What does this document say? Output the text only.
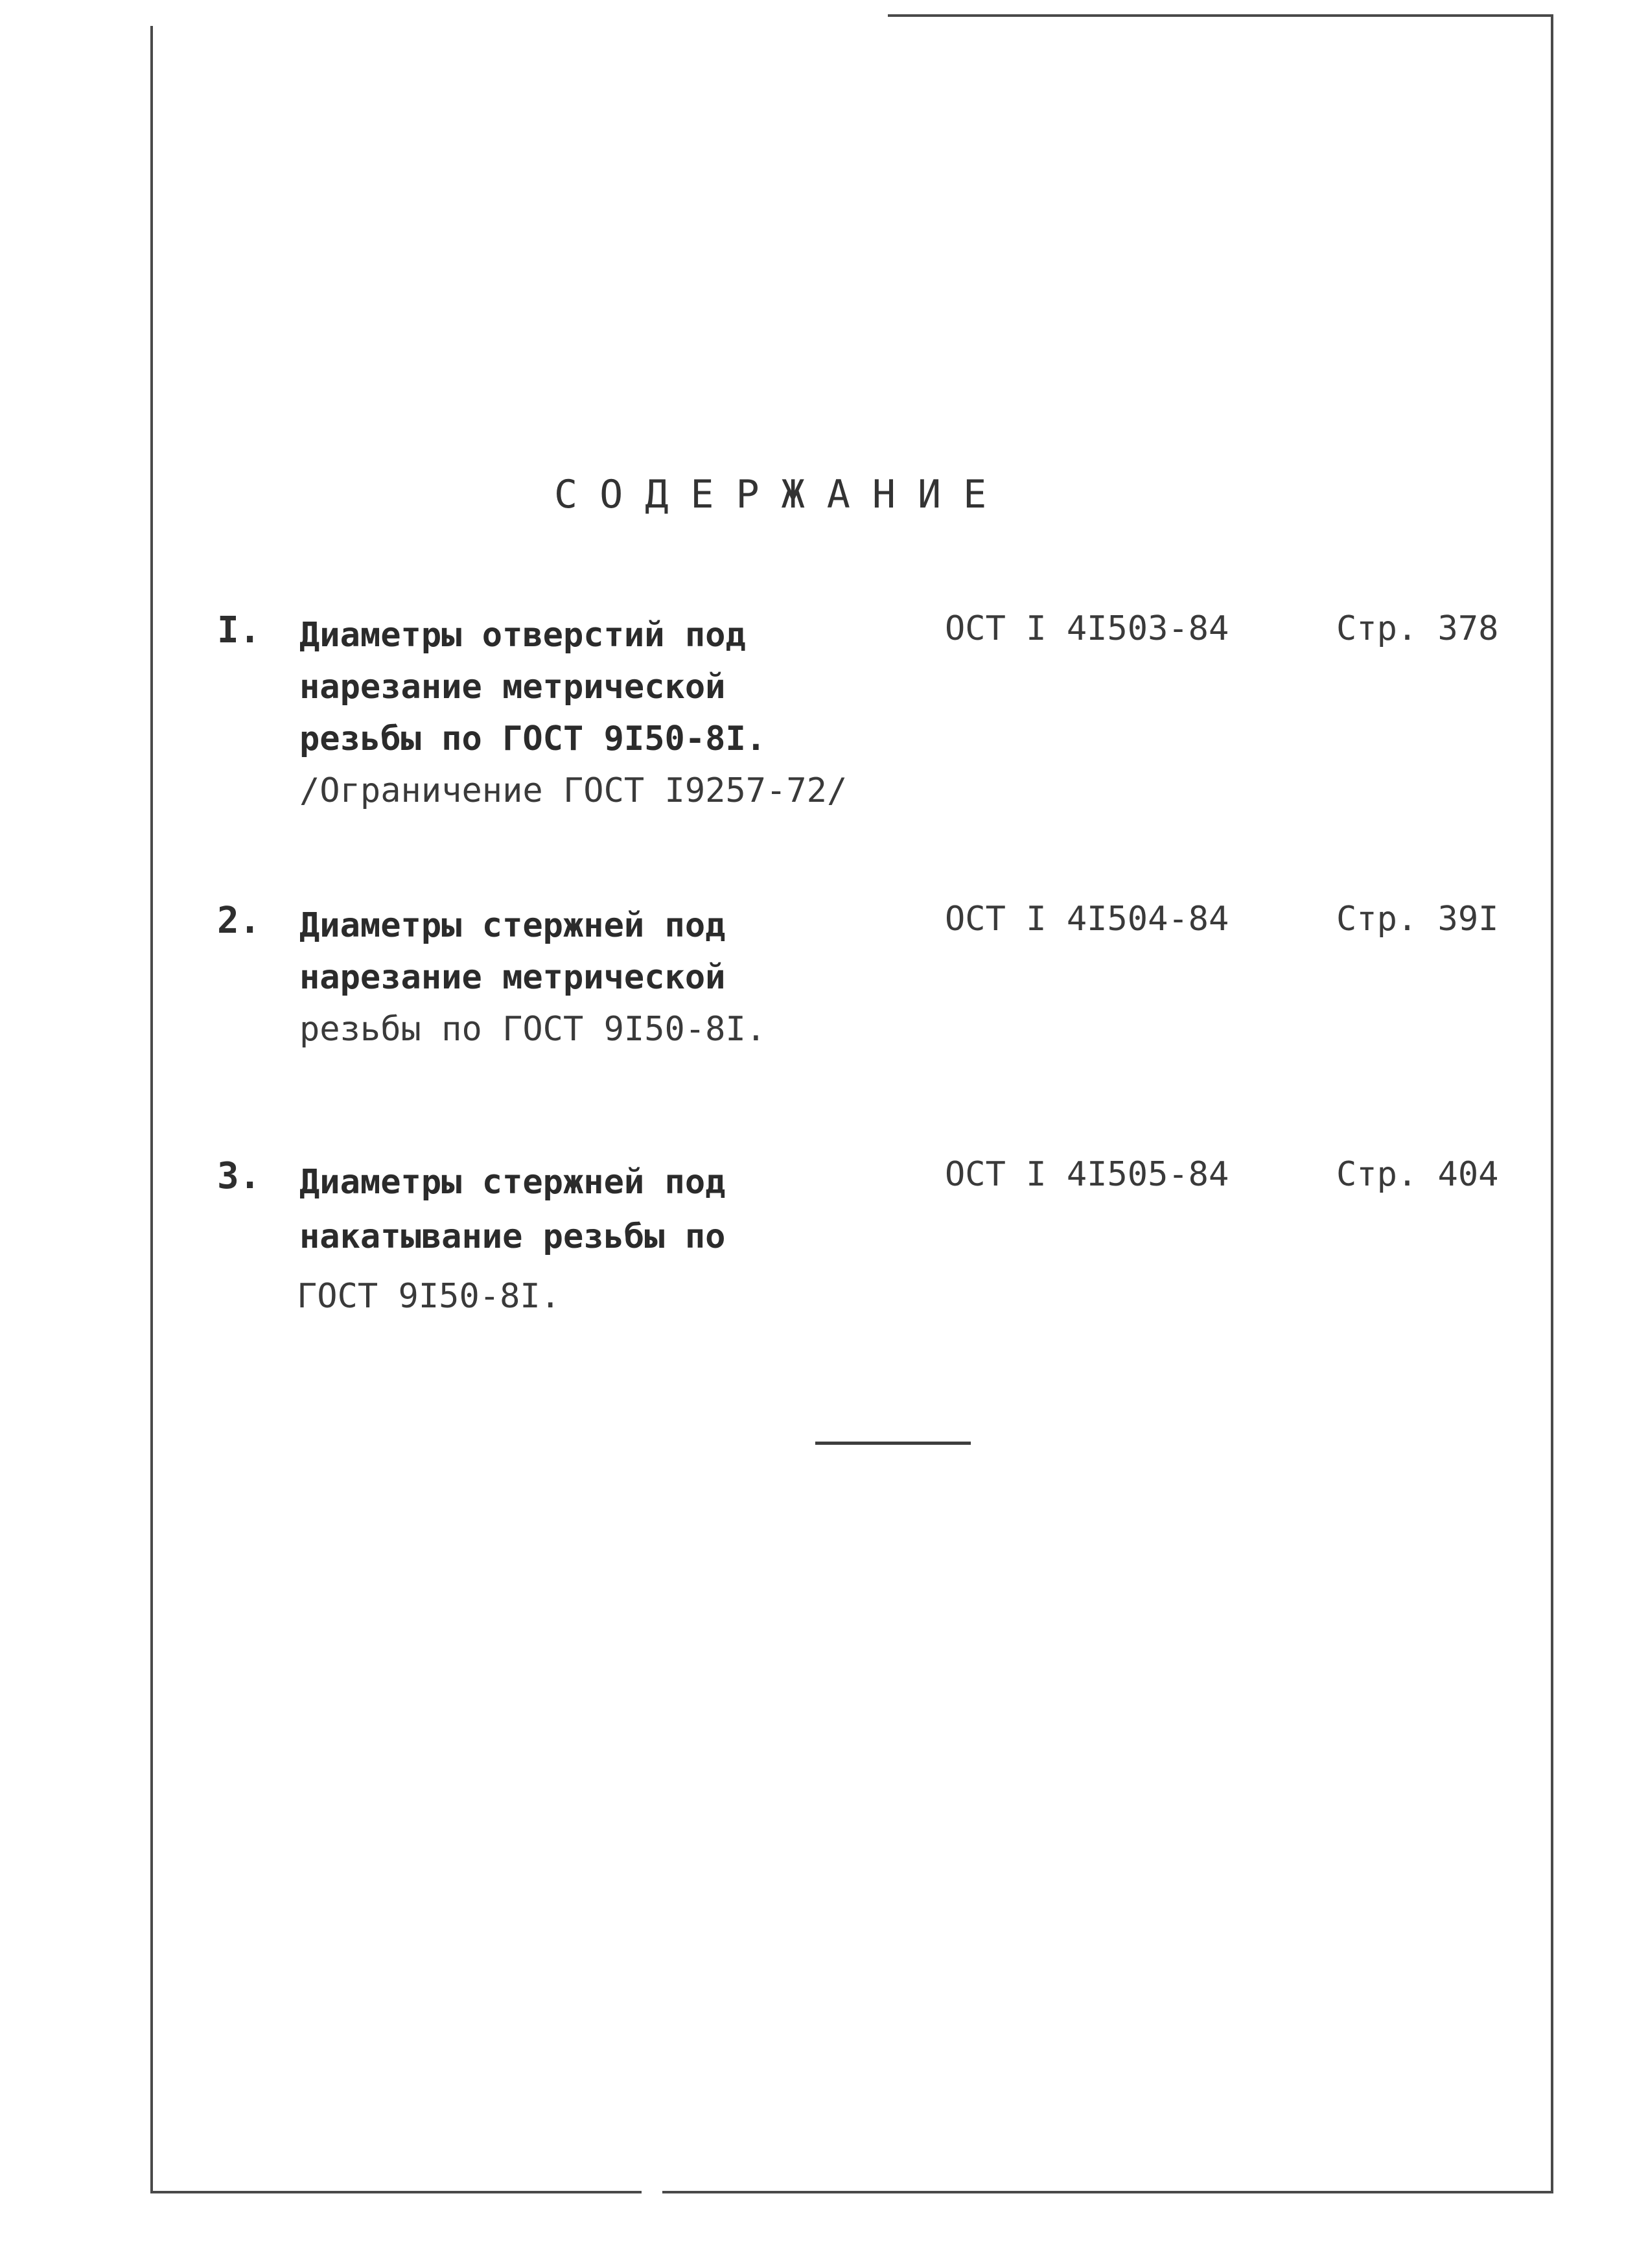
СОДЕРЖАНИЕ
I. Диаметры отверстий под
нарезание метрической
резьбы по ГОСТ 9I50-8I.
/Ограничение ГОСТ I9257-72/
ОСТ I 4I503-84	Стр. 378
2. Диаметры стержней под
нарезание метрической
резьбы по ГОСТ 9I50-8I.
ОСТ I 4I504-84	Стр. 39I
3. Диаметры стержней под
накатывание резьбы по
ГОСТ 9I50-8I.
ОСТ I 4I505-84	Стр. 404
